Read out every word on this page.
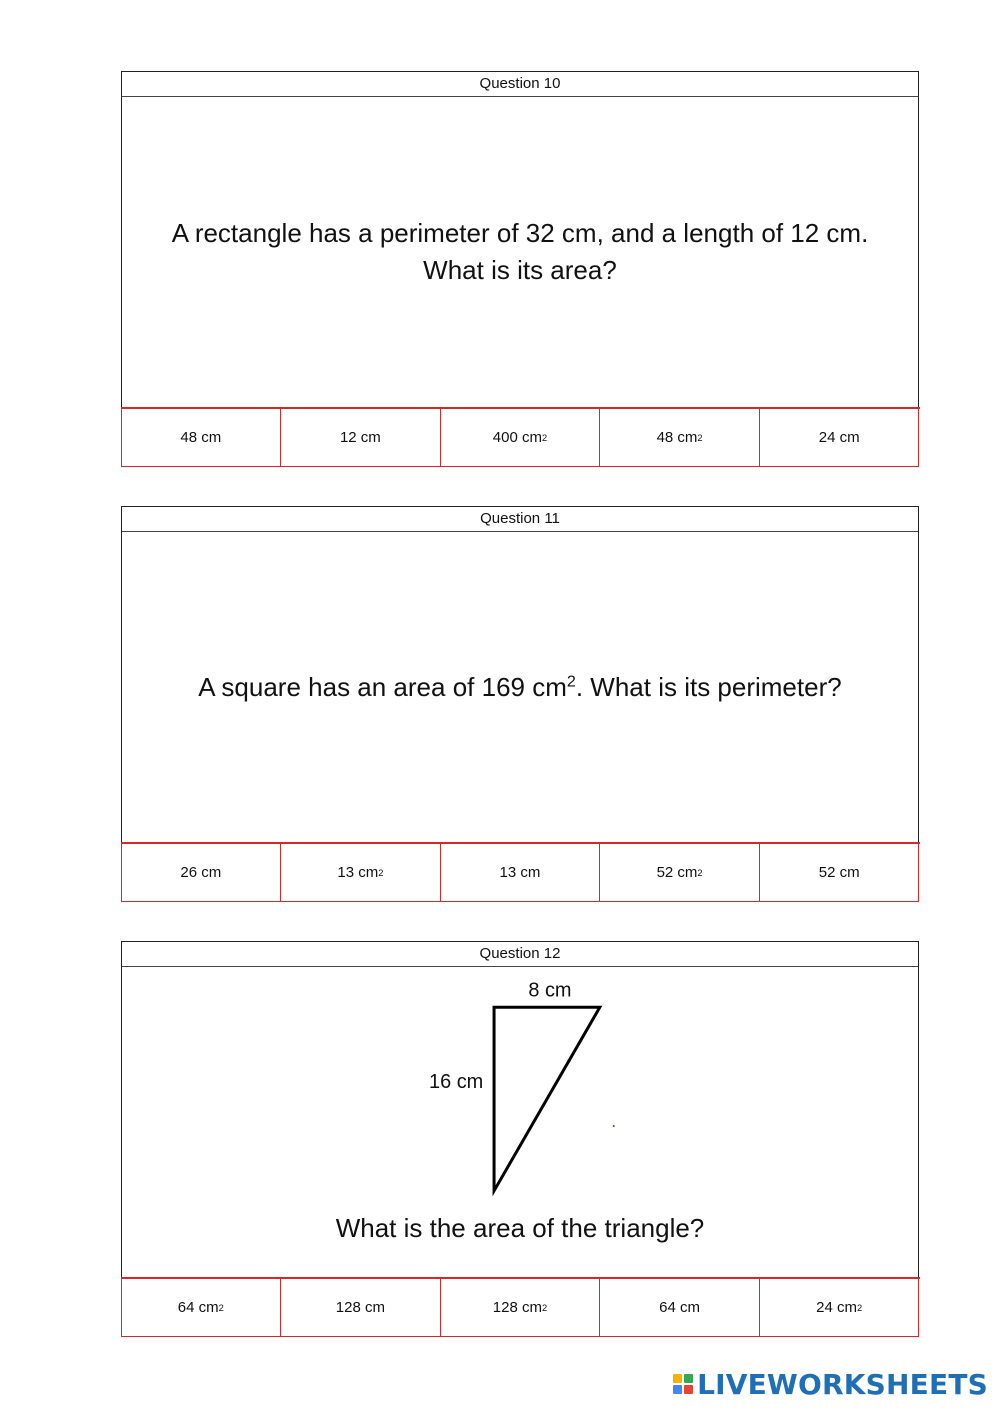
Question 10
A rectangle has a perimeter of 32 cm, and a length of 12 cm.
What is its area?
48 cm	12 cm	400 cm 2	48 cm 2	24 cm
Question 11
A square has an area of 169 $cm^2$. What is its perimeter?
26 cm	13 cm 2	13 cm	52 cm 2	52 cm
Question 12
8 cm
16 cm
What is the area of the triangle?
64 cm 2	128 cm	128 cm 2	64 cm	24 cm 2
LIVEWORKSHEETS
